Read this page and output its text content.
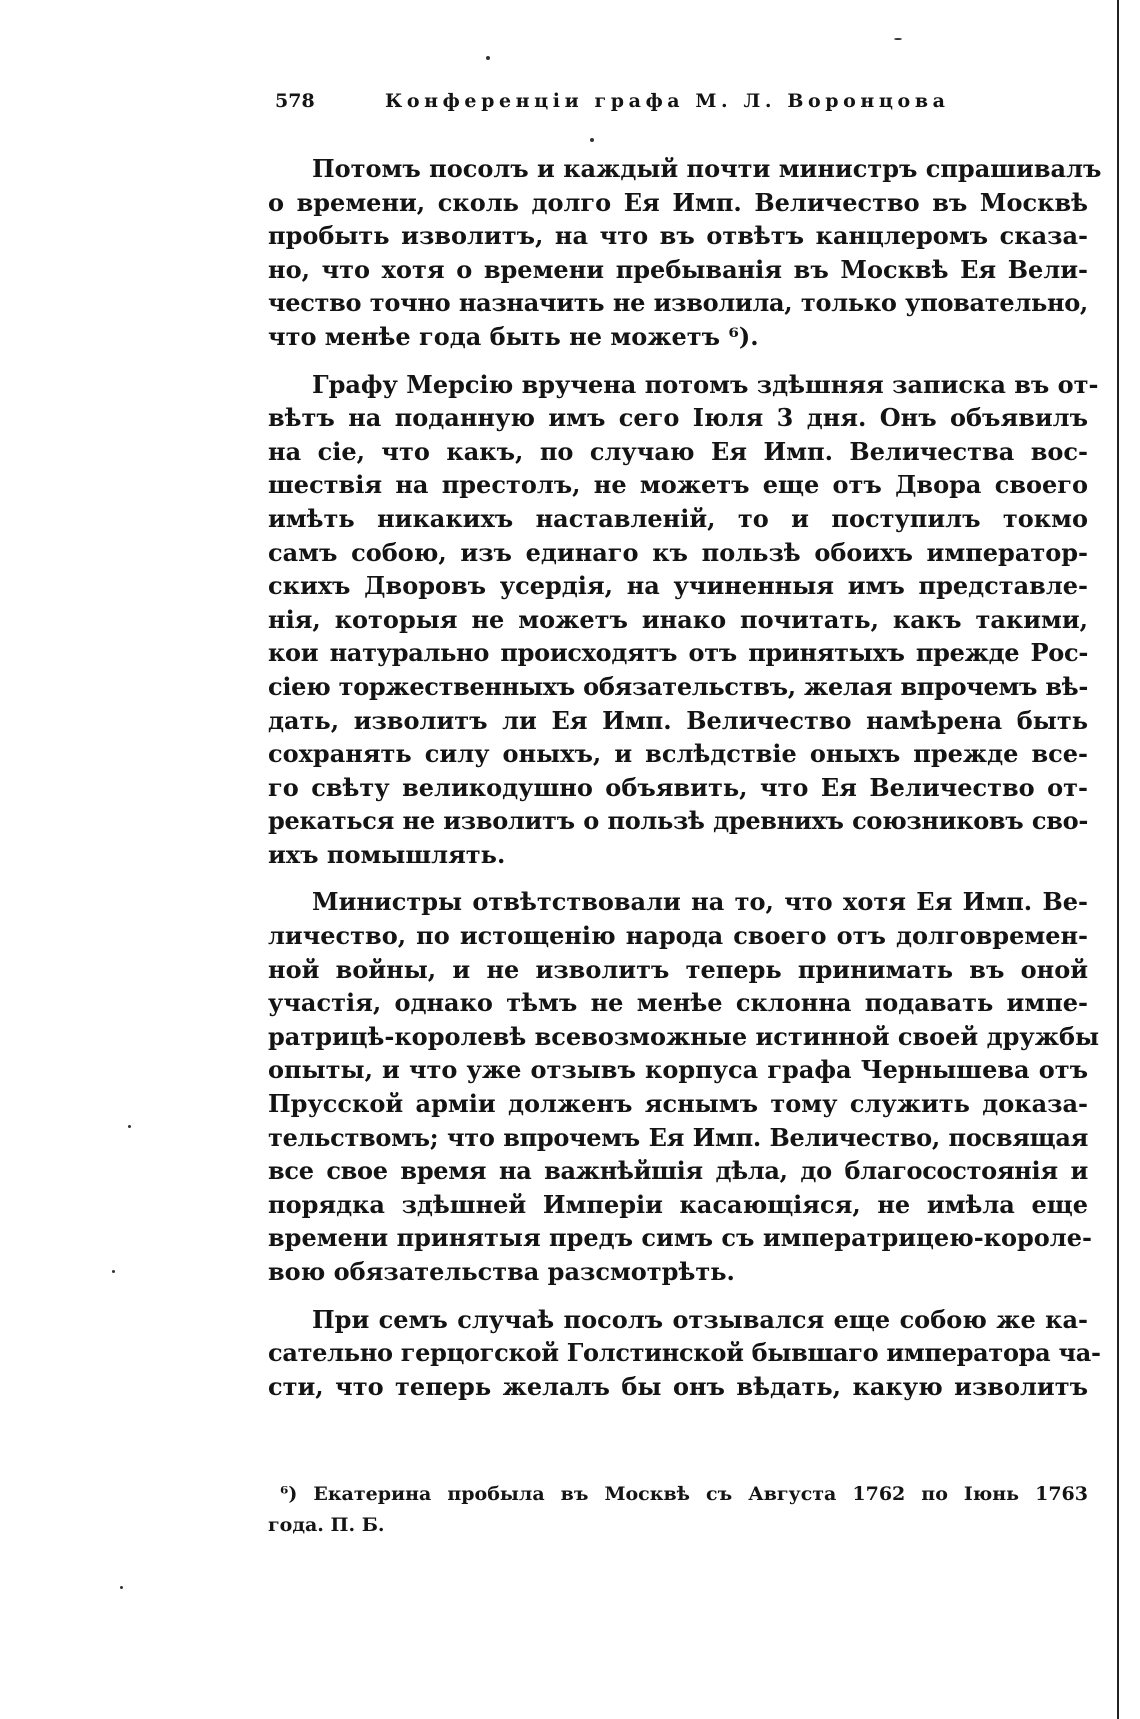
578	Конференціи графа М. Л. Воронцова
Потомъ посолъ и каждый почти министръ спрашивалъ
о времени, сколь долго Ея Имп. Величество въ Москвѣ
пробыть изволитъ, на что въ отвѣтъ канцлеромъ сказа-
но, что хотя о времени пребыванія въ Москвѣ Ея Вели-
чество точно назначить не изволила, только уповательно,
что менѣе года быть не можетъ ⁶).
Графу Мерсію вручена потомъ здѣшняя записка въ от-
вѣтъ на поданную имъ сего Іюля 3 дня. Онъ объявилъ
на сіе, что какъ, по случаю Ея Имп. Величества вос-
шествія на престолъ, не можетъ еще отъ Двора своего
имѣть никакихъ наставленій, то и поступилъ токмо
самъ собою, изъ единаго къ пользѣ обоихъ император-
скихъ Дворовъ усердія, на учиненныя имъ представле-
нія, которыя не можетъ инако почитать, какъ такими,
кои натурально происходятъ отъ принятыхъ прежде Рос-
сіею торжественныхъ обязательствъ, желая впрочемъ вѣ-
дать, изволитъ ли Ея Имп. Величество намѣрена быть
сохранять силу оныхъ, и вслѣдствіе оныхъ прежде все-
го свѣту великодушно объявить, что Ея Величество от-
рекаться не изволитъ о пользѣ древнихъ союзниковъ сво-
ихъ помышлять.
Министры отвѣтствовали на то, что хотя Ея Имп. Ве-
личество, по истощенію народа своего отъ долговремен-
ной войны, и не изволитъ теперь принимать въ оной
участія, однако тѣмъ не менѣе склонна подавать импе-
ратрицѣ-королевѣ всевозможные истинной своей дружбы
опыты, и что уже отзывъ корпуса графа Чернышева отъ
Прусской арміи долженъ яснымъ тому служить доказа-
тельствомъ; что впрочемъ Ея Имп. Величество, посвящая
все свое время на важнѣйшія дѣла, до благосостоянія и
порядка здѣшней Имперіи касающіяся, не имѣла еще
времени принятыя предъ симъ съ императрицею-короле-
вою обязательства разсмотрѣть.
При семъ случаѣ посолъ отзывался еще собою же ка-
сательно герцогской Голстинской бывшаго императора ча-
сти, что теперь желалъ бы онъ вѣдать, какую изволитъ
⁶) Екатерина пробыла въ Москвѣ съ Августа 1762 по Іюнь 1763
года. П. Б.
